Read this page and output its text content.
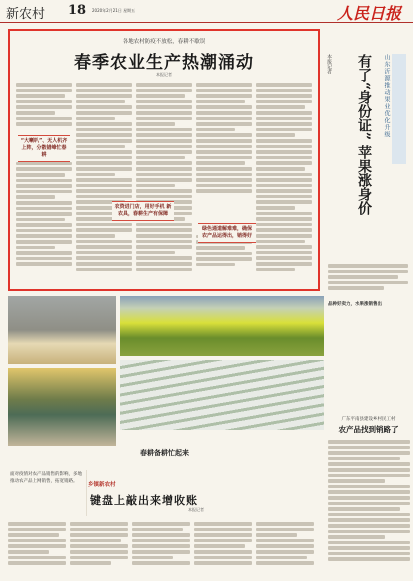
新农村 18 2020年2月21日 星期五	人民日报
各地农村防疫不放松，春耕不歇误
春季农业生产热潮涌动
本报记者
“大喇叭”、无人机齐上阵，分散错峰忙春耕
农资进门店，用好手机 新农具，春耕生产有保障
绿色通道解难难，确保 农产品运得出，销得好
本报记者 有了“身份证” 苹果涨身价	山东沂源推动果业优化升级
品种好卖力，水果涨销售出
春耕备耕忙起来
广东平南县建设乡村民工村
农产品找到销路了
面对疫情对农产品销售的影响，多地推动农产品上网销售，拓宽销路。
乡镇新农村
键盘上敲出来增收账
本报记者
